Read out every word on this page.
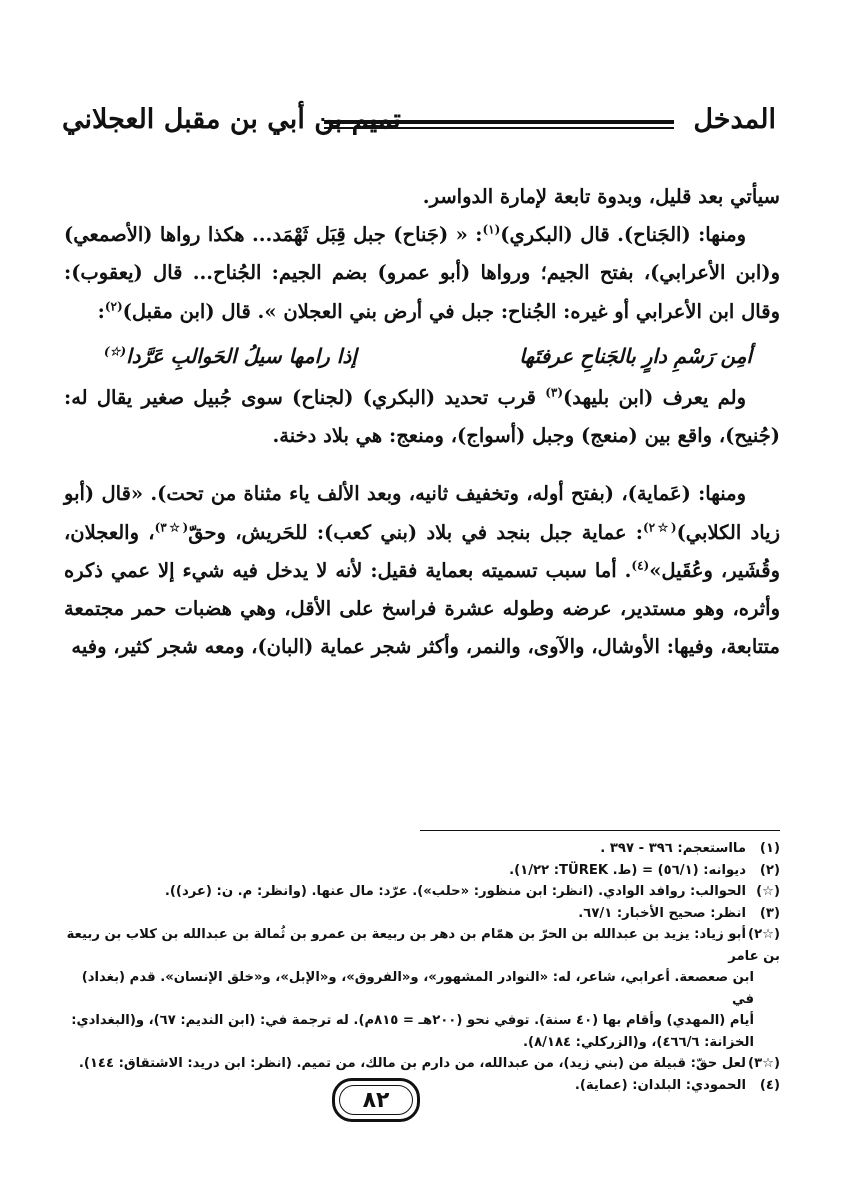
المدخل
تميم بن أبي بن مقبل العجلاني

سيأتي بعد قليل، وبدوة تابعة لإمارة الدواسر.

ومنها: (الجَناح). قال (البكري)$^{(١)}$: « (جَناح) جبل قِبَل ثَهْمَد... هكذا رواها (الأصمعي) و(ابن الأعرابي)، بفتح الجيم؛ ورواها (أبو عمرو) بضم الجيم: الجُناح... قال (يعقوب): وقال ابن الأعرابي أو غيره: الجُناح: جبل في أرض بني العجلان ». قال (ابن مقبل)$^{(٢)}$:

أمِن رَسْمِ دارٍ بالجَناحِ عرفتَها
إذا رامها سيلُ الحَوالبِ عَرَّدا(☆)

ولم يعرف (ابن بليهد)$^{(٣)}$ قرب تحديد (البكري) (لجناح) سوى جُبيل صغير يقال له: (جُنيح)، واقع بين (منعج) وجبل (أسواج)، ومنعج: هي بلاد دخنة.

ومنها: (عَماية)، (بفتح أوله، وتخفيف ثانيه، وبعد الألف ياء مثناة من تحت). «قال (أبو زياد الكلابي)$^{(☆٢)}$: عماية جبل بنجد في بلاد (بني كعب): للحَريش، وحقّ$^{(☆٣)}$، والعجلان، وقُشَير، وعُقَيل»$^{(٤)}$. أما سبب تسميته بعماية فقيل: لأنه لا يدخل فيه شيء إلا عمي ذكره وأثره، وهو مستدير، عرضه وطوله عشرة فراسخ على الأقل، وهي هضبات حمر مجتمعة متتابعة، وفيها: الأوشال، والآوى، والنمر، وأكثر شجر عماية (البان)، ومعه شجر كثير، وفيه

(١)مااستعجم: ٣٩٦ - ٣٩٧ .
(٢)ديوانه: (٥٦/١) = (ط. TÜREK: ١/٢٢).
(☆)الحوالب: روافد الوادي. (انظر: ابن منظور: «حلب»). عرّد: مال عنها. (وانظر: م. ن: (عرد)).
(٣)انظر: صحيح الأخبار: ٦٧/١.
(☆٢)أبو زياد: يزيد بن عبدالله بن الحرّ بن همّام بن دهر بن ربيعة بن عمرو بن ثُمالة بن عبدالله بن كلاب بن ربيعة بن عامر
ابن صعصعة. أعرابي، شاعر، له: «النوادر المشهور»، و«الفروق»، و«الإبل»، و«خلق الإنسان». قدم (بغداد) في
أيام (المهدي) وأقام بها (٤٠ سنة). توفي نحو (٢٠٠هـ = ٨١٥م). له ترجمة في: (ابن النديم: ٦٧)، و(البغدادي:
الخزانة: ٤٦٦/٦)، و(الزركلي: ٨/١٨٤).
(☆٣)لعل حقّ: قبيلة من (بني زيد)، من عبدالله، من دارم بن مالك، من تميم. (انظر: ابن دريد: الاشتقاق: ١٤٤).
(٤)الحمودي: البلدان: (عماية).
٨٢
